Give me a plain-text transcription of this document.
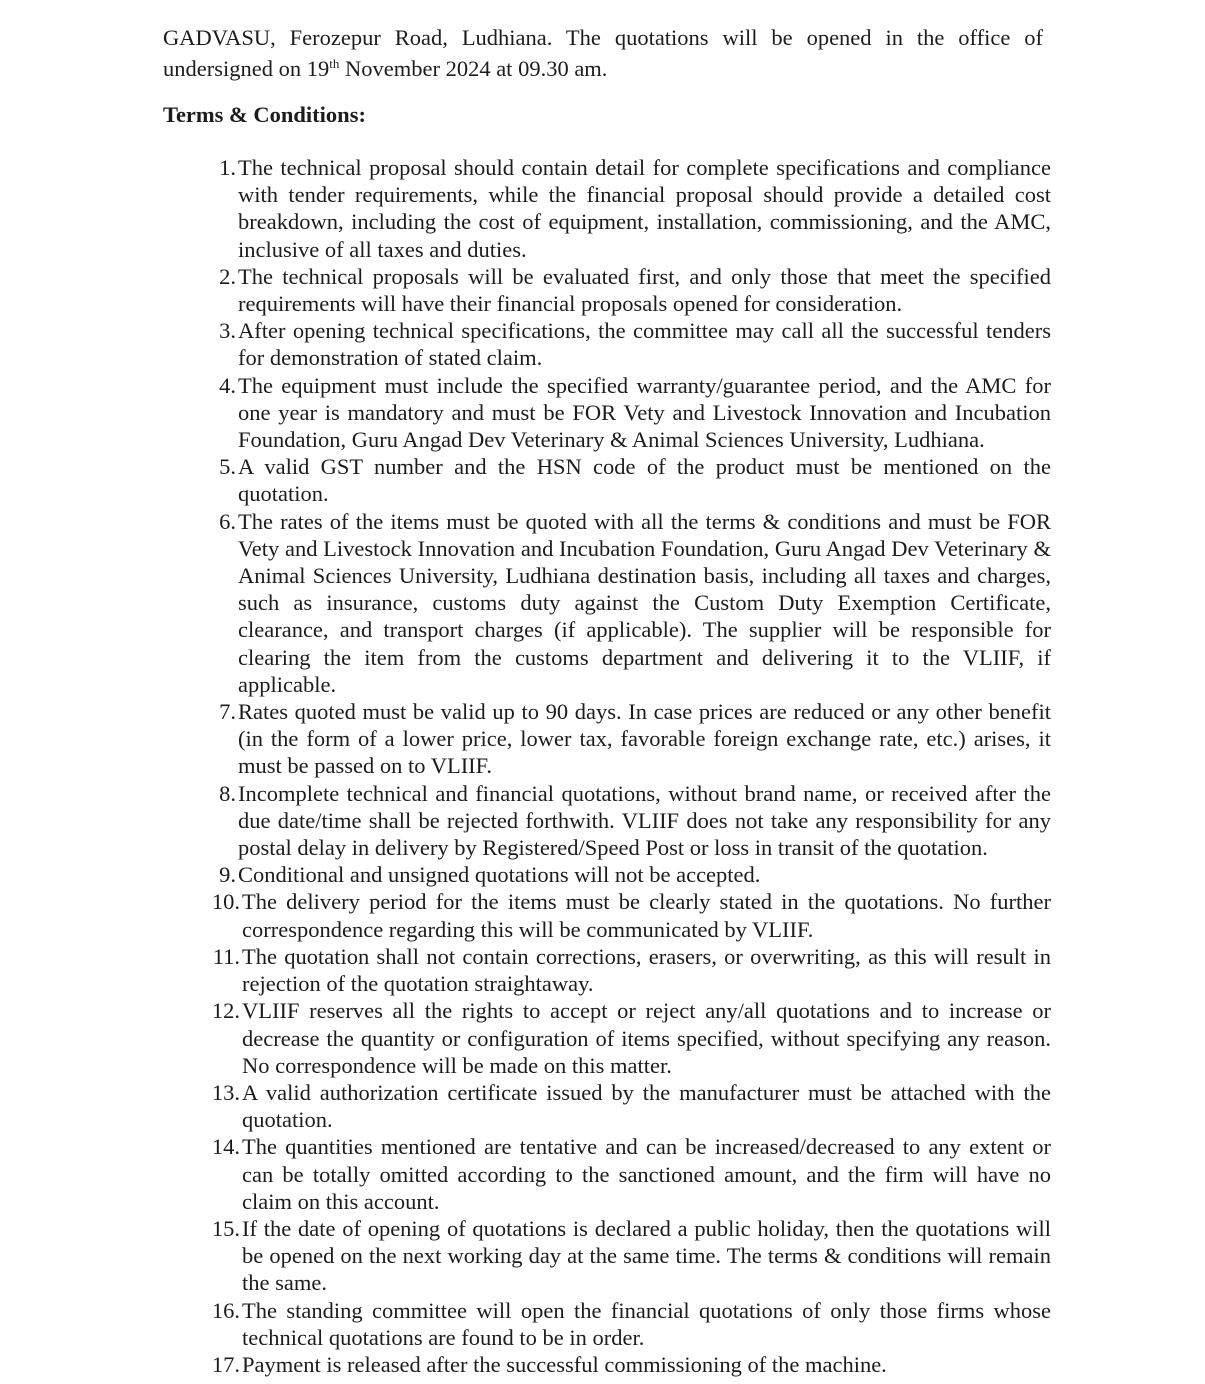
GADVASU, Ferozepur Road, Ludhiana. The quotations will be opened in the office of undersigned on 19th November 2024 at 09.30 am.

Terms & Conditions:
1. The technical proposal should contain detail for complete specifications and compliance with tender requirements, while the financial proposal should provide a detailed cost breakdown, including the cost of equipment, installation, commissioning, and the AMC, inclusive of all taxes and duties.
2. The technical proposals will be evaluated first, and only those that meet the specified requirements will have their financial proposals opened for consideration.
3. After opening technical specifications, the committee may call all the successful tenders for demonstration of stated claim.
4. The equipment must include the specified warranty/guarantee period, and the AMC for one year is mandatory and must be FOR Vety and Livestock Innovation and Incubation Foundation, Guru Angad Dev Veterinary & Animal Sciences University, Ludhiana.
5. A valid GST number and the HSN code of the product must be mentioned on the quotation.
6. The rates of the items must be quoted with all the terms & conditions and must be FOR Vety and Livestock Innovation and Incubation Foundation, Guru Angad Dev Veterinary & Animal Sciences University, Ludhiana destination basis, including all taxes and charges, such as insurance, customs duty against the Custom Duty Exemption Certificate, clearance, and transport charges (if applicable). The supplier will be responsible for clearing the item from the customs department and delivering it to the VLIIF, if applicable.
7. Rates quoted must be valid up to 90 days. In case prices are reduced or any other benefit (in the form of a lower price, lower tax, favorable foreign exchange rate, etc.) arises, it must be passed on to VLIIF.
8. Incomplete technical and financial quotations, without brand name, or received after the due date/time shall be rejected forthwith. VLIIF does not take any responsibility for any postal delay in delivery by Registered/Speed Post or loss in transit of the quotation.
9. Conditional and unsigned quotations will not be accepted.
10. The delivery period for the items must be clearly stated in the quotations. No further correspondence regarding this will be communicated by VLIIF.
11. The quotation shall not contain corrections, erasers, or overwriting, as this will result in rejection of the quotation straightaway.
12. VLIIF reserves all the rights to accept or reject any/all quotations and to increase or decrease the quantity or configuration of items specified, without specifying any reason. No correspondence will be made on this matter.
13. A valid authorization certificate issued by the manufacturer must be attached with the quotation.
14. The quantities mentioned are tentative and can be increased/decreased to any extent or can be totally omitted according to the sanctioned amount, and the firm will have no claim on this account.
15. If the date of opening of quotations is declared a public holiday, then the quotations will be opened on the next working day at the same time. The terms & conditions will remain the same.
16. The standing committee will open the financial quotations of only those firms whose technical quotations are found to be in order.
17. Payment is released after the successful commissioning of the machine.
